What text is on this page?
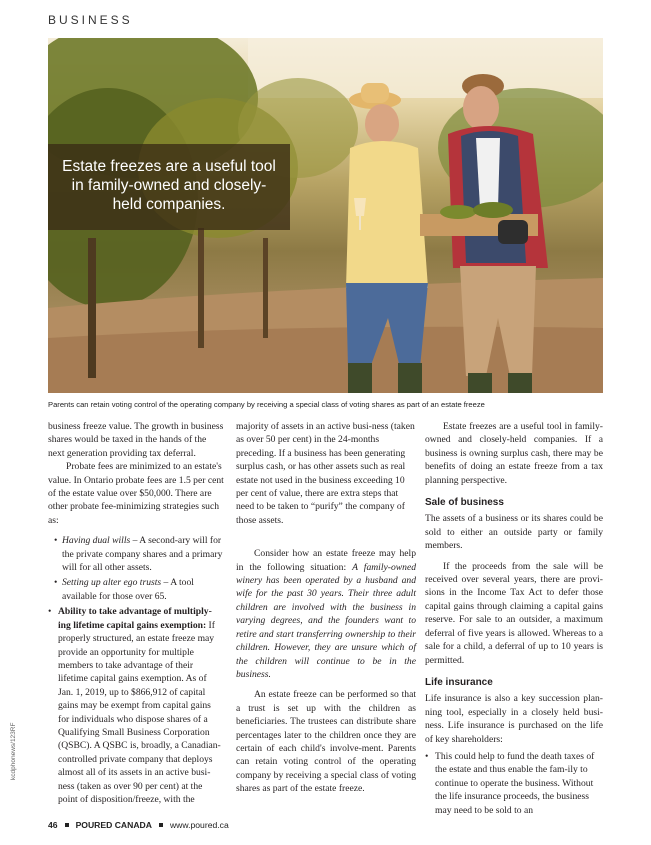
BUSINESS
Estate freezes are a useful tool in family-owned and closely-held companies.
Parents can retain voting control of the operating company by receiving a special class of voting shares as part of an estate freeze
kcdphonews/123RF

business freeze value. The growth in business shares would be taxed in the hands of the next generation providing tax deferral.

Probate fees are minimized to an estate's value. In Ontario probate fees are 1.5 per cent of the estate value over $50,000. There are other probate fee-minimizing strategies such as:

• Having dual wills – A second-ary will for the private company shares and a primary will for all other assets.

• Setting up alter ego trusts – A tool available for those over 65.

• Ability to take advantage of multiply-ing lifetime capital gains exemption: If properly structured, an estate freeze may provide an opportunity for multiple members to take advantage of their lifetime capital gains exemption. As of Jan. 1, 2019, up to $866,912 of capital gains may be exempt from capital gains for individuals who dispose shares of a Qualifying Small Business Corporation (QSBC). A QSBC is, broadly, a Canadian-controlled private company that deploys almost all of its assets in an active busi-ness (taken as over 90 per cent) at the point of disposition/freeze, with the

majority of assets in an active busi-ness (taken as over 50 per cent) in the 24-months preceding. If a business has been generating surplus cash, or has other assets such as real estate not used in the business exceeding 10 per cent of value, there are extra steps that need to be taken to “purify” the company of those assets.

Consider how an estate freeze may help in the following situation: A family-owned winery has been operated by a husband and wife for the past 30 years. Their three adult children are involved with the business in varying degrees, and the founders want to retire and start transferring ownership to their children. However, they are unsure which of the children will continue to be in the business.

An estate freeze can be performed so that a trust is set up with the children as beneficiaries. The trustees can distribute share percentages later to the children once they are certain of each child's involve-ment. Parents can retain voting control of the operating company by receiving a special class of voting shares as part of the estate freeze.

Estate freezes are a useful tool in family-owned and closely-held companies. If a business is owning surplus cash, there may be benefits of doing an estate freeze from a tax planning perspective.

Sale of business

The assets of a business or its shares could be sold to either an outside party or family members.

If the proceeds from the sale will be received over several years, there are provi-sions in the Income Tax Act to defer those capital gains through claiming a capital gains reserve. For sale to an outsider, a maximum deferral of five years is allowed. Whereas to a sale for a child, a deferral of up to 10 years is permitted.

Life insurance

Life insurance is also a key succession plan-ning tool, especially in a closely held busi-ness. Life insurance is purchased on the life of key shareholders:

• This could help to fund the death taxes of the estate and thus enable the fam-ily to continue to operate the business. Without the life insurance proceeds, the business may need to be sold to an

46 POURED CANADA www.poured.ca
